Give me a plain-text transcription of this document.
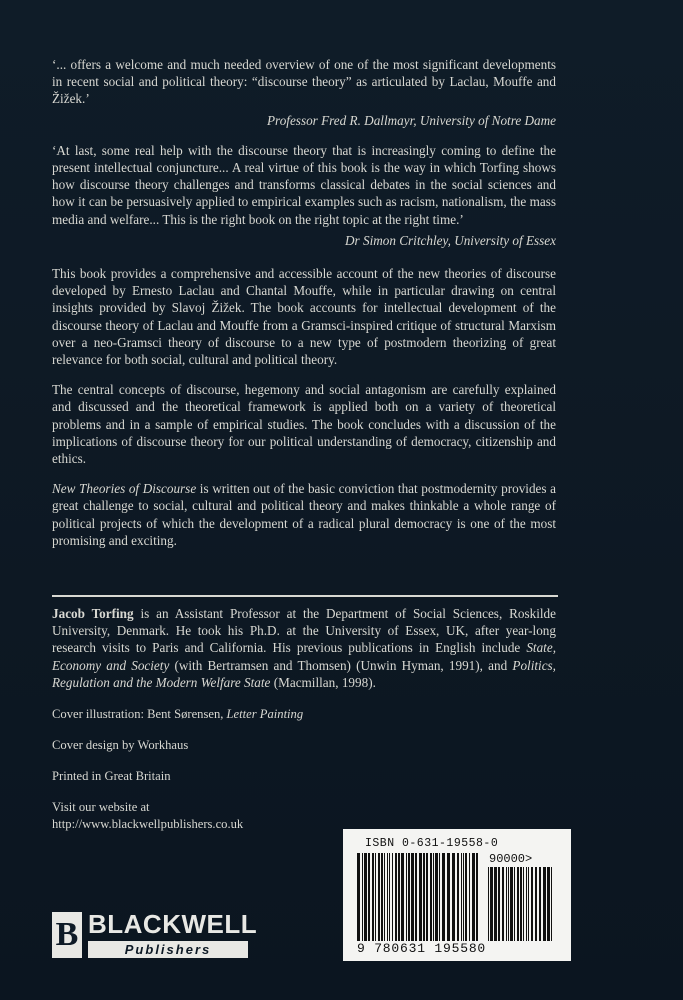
‘... offers a welcome and much needed overview of one of the most significant developments in recent social and political theory: “discourse theory” as articulated by Laclau, Mouffe and Žižek.’

Professor Fred R. Dallmayr, University of Notre Dame

‘At last, some real help with the discourse theory that is increasingly coming to define the present intellectual conjuncture... A real virtue of this book is the way in which Torfing shows how discourse theory challenges and transforms classical debates in the social sciences and how it can be persuasively applied to empirical examples such as racism, nationalism, the mass media and welfare... This is the right book on the right topic at the right time.’

Dr Simon Critchley, University of Essex

This book provides a comprehensive and accessible account of the new theories of discourse developed by Ernesto Laclau and Chantal Mouffe, while in particular drawing on central insights provided by Slavoj Žižek. The book accounts for intellectual development of the discourse theory of Laclau and Mouffe from a Gramsci-inspired critique of structural Marxism over a neo-Gramsci theory of discourse to a new type of postmodern theorizing of great relevance for both social, cultural and political theory.

The central concepts of discourse, hegemony and social antagonism are carefully explained and discussed and the theoretical framework is applied both on a variety of theoretical problems and in a sample of empirical studies. The book concludes with a discussion of the implications of discourse theory for our political understanding of democracy, citizenship and ethics.

New Theories of Discourse is written out of the basic conviction that postmodernity provides a great challenge to social, cultural and political theory and makes thinkable a whole range of political projects of which the development of a radical plural democracy is one of the most promising and exciting.

Jacob Torfing is an Assistant Professor at the Department of Social Sciences, Roskilde University, Denmark. He took his Ph.D. at the University of Essex, UK, after year-long research visits to Paris and California. His previous publications in English include State, Economy and Society (with Bertramsen and Thomsen) (Unwin Hyman, 1991), and Politics, Regulation and the Modern Welfare State (Macmillan, 1998).

Cover illustration: Bent Sørensen, Letter Painting

Cover design by Workhaus

Printed in Great Britain

Visit our website at

http://www.blackwellpublishers.co.uk

ISBN 0-631-19558-0
90000>
9 780631 195580
B BLACKWELL
Publishers
